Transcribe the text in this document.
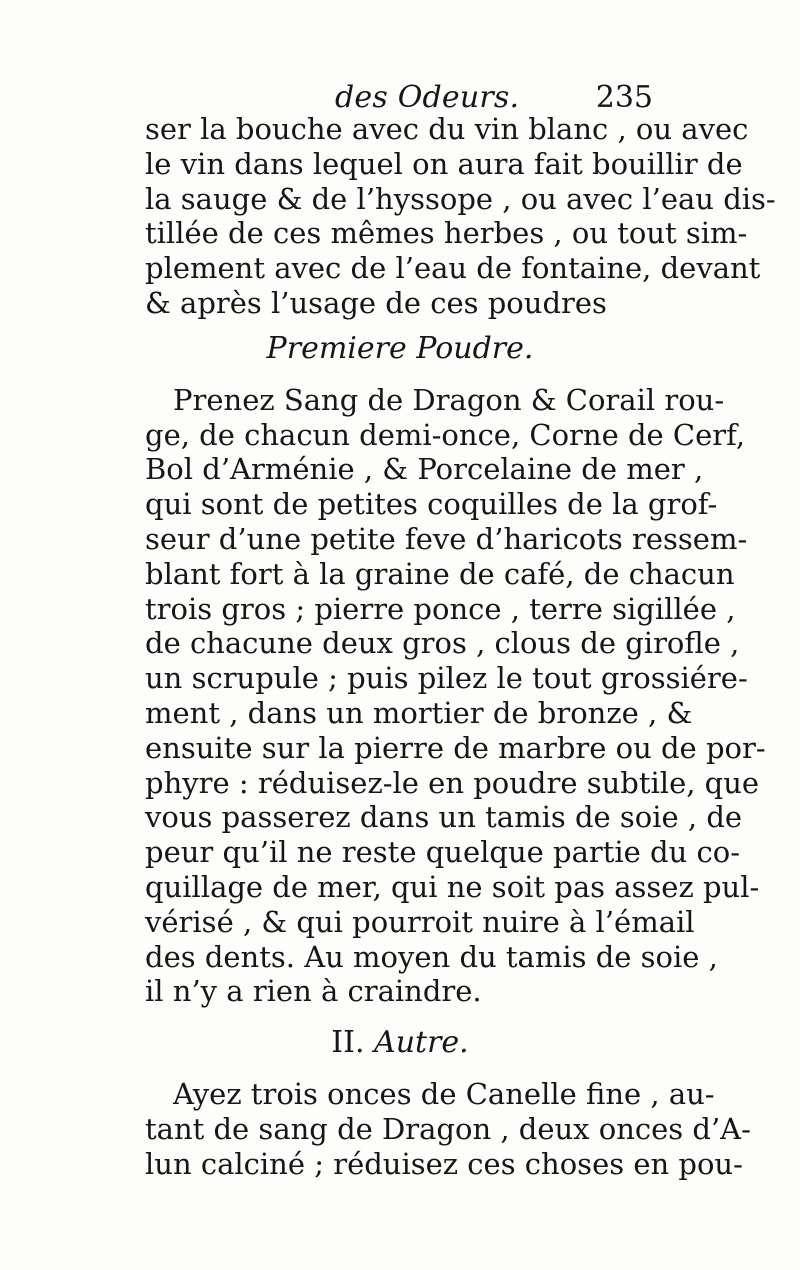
des Odeurs.	235
ser la bouche avec du vin blanc , ou avec
le vin dans lequel on aura fait bouillir de
la sauge & de l’hyssope , ou avec l’eau dis-
tillée de ces mêmes herbes , ou tout sim-
plement avec de l’eau de fontaine, devant
& après l’usage de ces poudres
Premiere Poudre.
Prenez Sang de Dragon & Corail rou-
ge, de chacun demi-once, Corne de Cerf,
Bol d’Arménie , & Porcelaine de mer ,
qui sont de petites coquilles de la grof-
seur d’une petite feve d’haricots ressem-
blant fort à la graine de café, de chacun
trois gros ; pierre ponce , terre sigillée ,
de chacune deux gros , clous de girofle ,
un scrupule ; puis pilez le tout grossiére-
ment , dans un mortier de bronze , &
ensuite sur la pierre de marbre ou de por-
phyre : réduisez-le en poudre subtile, que
vous passerez dans un tamis de soie , de
peur qu’il ne reste quelque partie du co-
quillage de mer, qui ne soit pas assez pul-
vérisé , & qui pourroit nuire à l’émail
des dents. Au moyen du tamis de soie ,
il n’y a rien à craindre.
II. Autre.
Ayez trois onces de Canelle fine , au-
tant de sang de Dragon , deux onces d’A-
lun calciné ; réduisez ces choses en pou-
